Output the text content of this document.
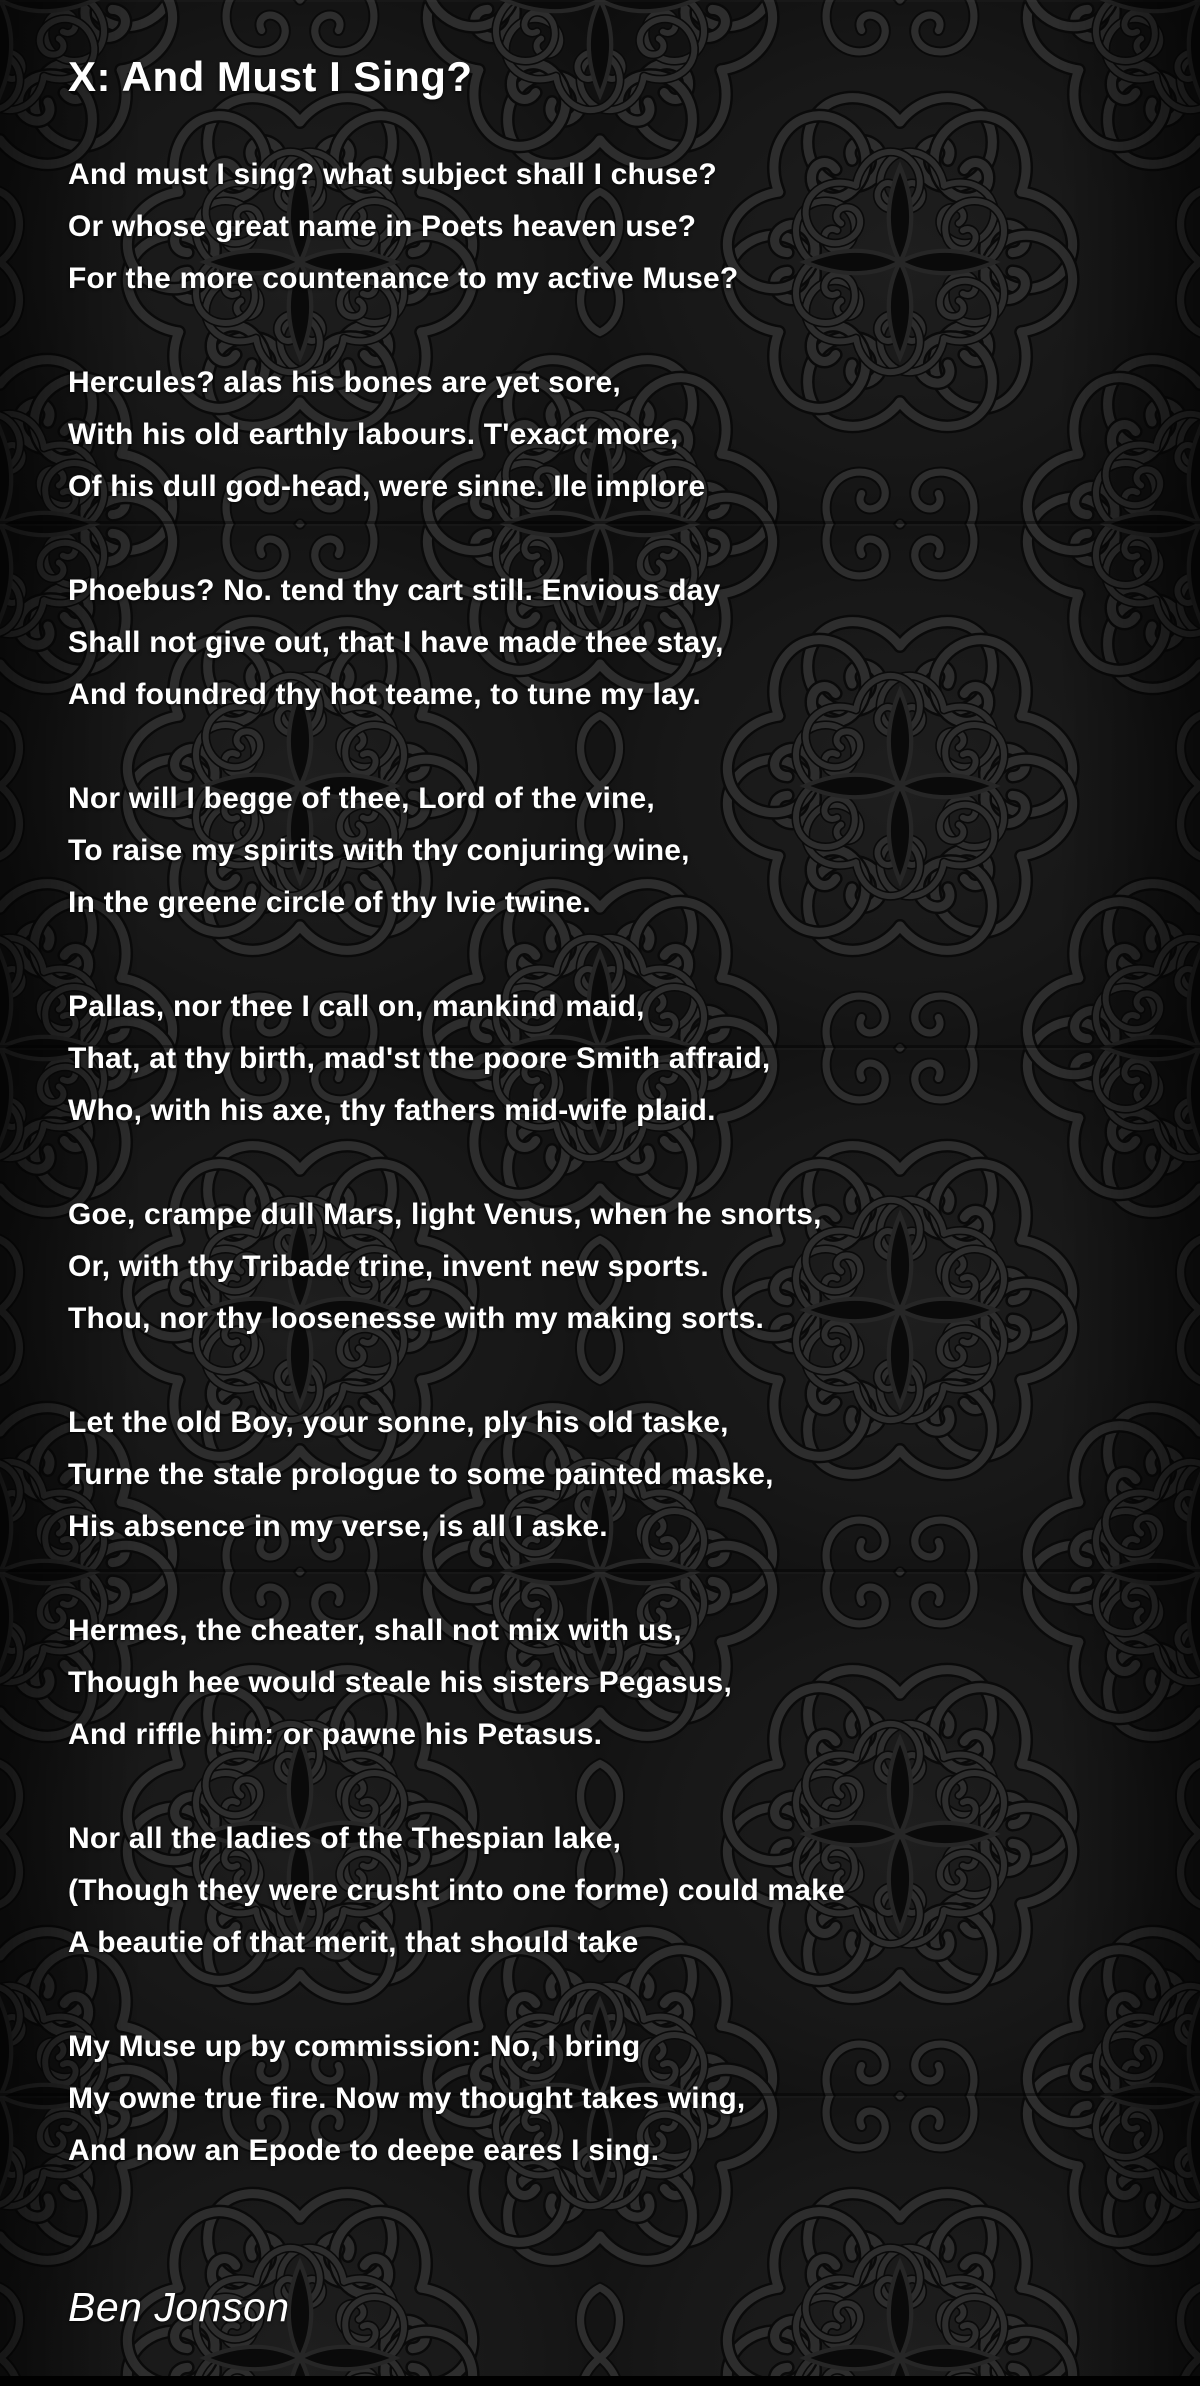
X: And Must I Sing?
And must I sing? what subject shall I chuse?
Or whose great name in Poets heaven use?
For the more countenance to my active Muse?
Hercules? alas his bones are yet sore,
With his old earthly labours. T'exact more,
Of his dull god-head, were sinne. Ile implore
Phoebus? No. tend thy cart still. Envious day
Shall not give out, that I have made thee stay,
And foundred thy hot teame, to tune my lay.
Nor will I begge of thee, Lord of the vine,
To raise my spirits with thy conjuring wine,
In the greene circle of thy Ivie twine.
Pallas, nor thee I call on, mankind maid,
That, at thy birth, mad'st the poore Smith affraid,
Who, with his axe, thy fathers mid-wife plaid.
Goe, crampe dull Mars, light Venus, when he snorts,
Or, with thy Tribade trine, invent new sports.
Thou, nor thy loosenesse with my making sorts.
Let the old Boy, your sonne, ply his old taske,
Turne the stale prologue to some painted maske,
His absence in my verse, is all I aske.
Hermes, the cheater, shall not mix with us,
Though hee would steale his sisters Pegasus,
And riffle him: or pawne his Petasus.
Nor all the ladies of the Thespian lake,
(Though they were crusht into one forme) could make
A beautie of that merit, that should take
My Muse up by commission: No, I bring
My owne true fire. Now my thought takes wing,
And now an Epode to deepe eares I sing.
Ben Jonson
